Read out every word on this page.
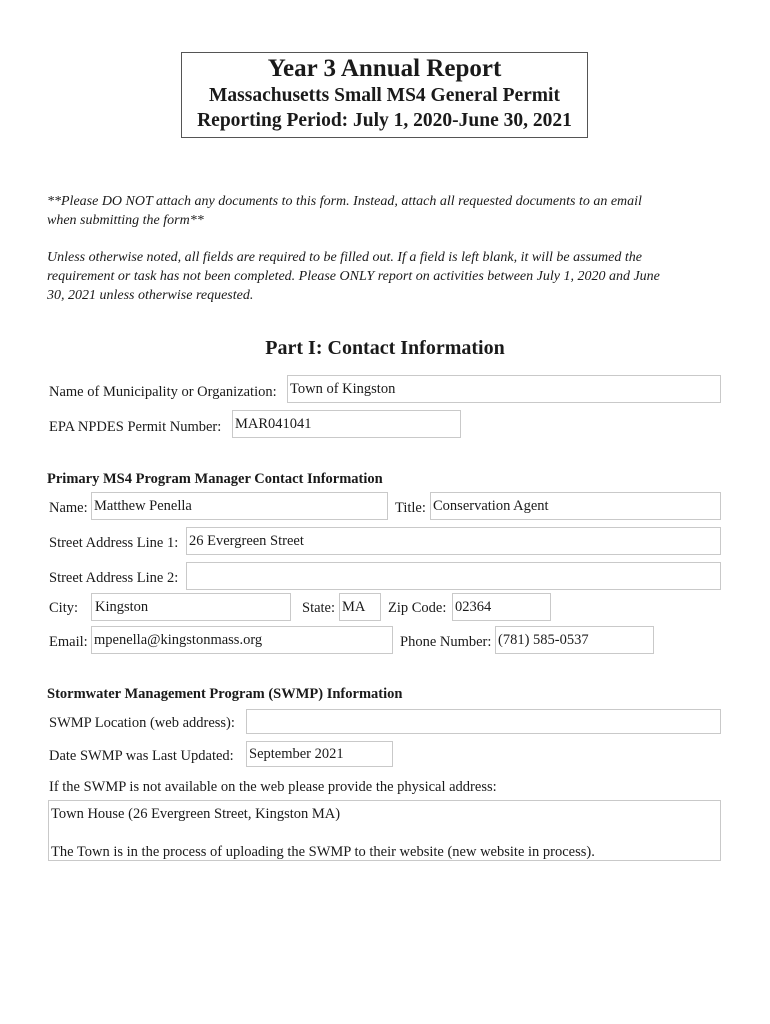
Year 3 Annual Report
Massachusetts Small MS4 General Permit
Reporting Period: July 1, 2020-June 30, 2021
**Please DO NOT attach any documents to this form. Instead, attach all requested documents to an email
when submitting the form**
Unless otherwise noted, all fields are required to be filled out. If a field is left blank, it will be assumed the
requirement or task has not been completed. Please ONLY report on activities between July 1, 2020 and June
30, 2021 unless otherwise requested.
Part I: Contact Information
Name of Municipality or Organization: Town of Kingston
EPA NPDES Permit Number: MAR041041
Primary MS4 Program Manager Contact Information
Name: Matthew Penella	Title: Conservation Agent
Street Address Line 1: 26 Evergreen Street
Street Address Line 2:
City: Kingston	State: MA	Zip Code: 02364
Email: mpenella@kingstonmass.org	Phone Number: (781) 585-0537
Stormwater Management Program (SWMP) Information
SWMP Location (web address):
Date SWMP was Last Updated: September 2021
If the SWMP is not available on the web please provide the physical address:
Town House (26 Evergreen Street, Kingston MA)
The Town is in the process of uploading the SWMP to their website (new website in process).
